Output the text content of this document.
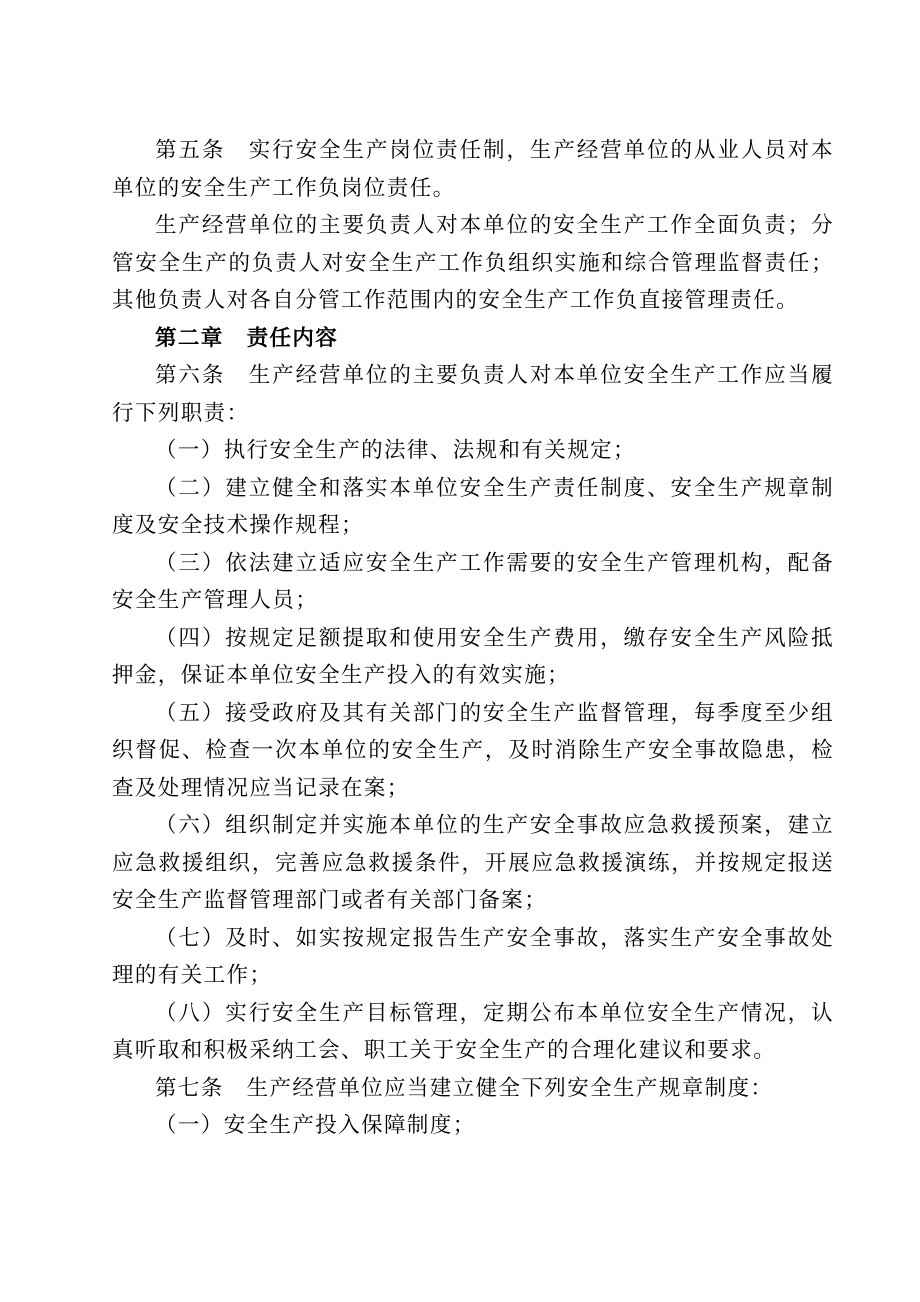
第五条　实行安全生产岗位责任制，生产经营单位的从业人员对本单位的安全生产工作负岗位责任。

生产经营单位的主要负责人对本单位的安全生产工作全面负责；分管安全生产的负责人对安全生产工作负组织实施和综合管理监督责任；其他负责人对各自分管工作范围内的安全生产工作负直接管理责任。

第二章　责任内容

第六条　生产经营单位的主要负责人对本单位安全生产工作应当履行下列职责：

（一）执行安全生产的法律、法规和有关规定；

（二）建立健全和落实本单位安全生产责任制度、安全生产规章制度及安全技术操作规程；

（三）依法建立适应安全生产工作需要的安全生产管理机构，配备安全生产管理人员；

（四）按规定足额提取和使用安全生产费用，缴存安全生产风险抵押金，保证本单位安全生产投入的有效实施；

（五）接受政府及其有关部门的安全生产监督管理，每季度至少组织督促、检查一次本单位的安全生产，及时消除生产安全事故隐患，检查及处理情况应当记录在案；

（六）组织制定并实施本单位的生产安全事故应急救援预案，建立应急救援组织，完善应急救援条件，开展应急救援演练，并按规定报送安全生产监督管理部门或者有关部门备案；

（七）及时、如实按规定报告生产安全事故，落实生产安全事故处理的有关工作；

（八）实行安全生产目标管理，定期公布本单位安全生产情况，认真听取和积极采纳工会、职工关于安全生产的合理化建议和要求。

第七条　生产经营单位应当建立健全下列安全生产规章制度：

（一）安全生产投入保障制度；
